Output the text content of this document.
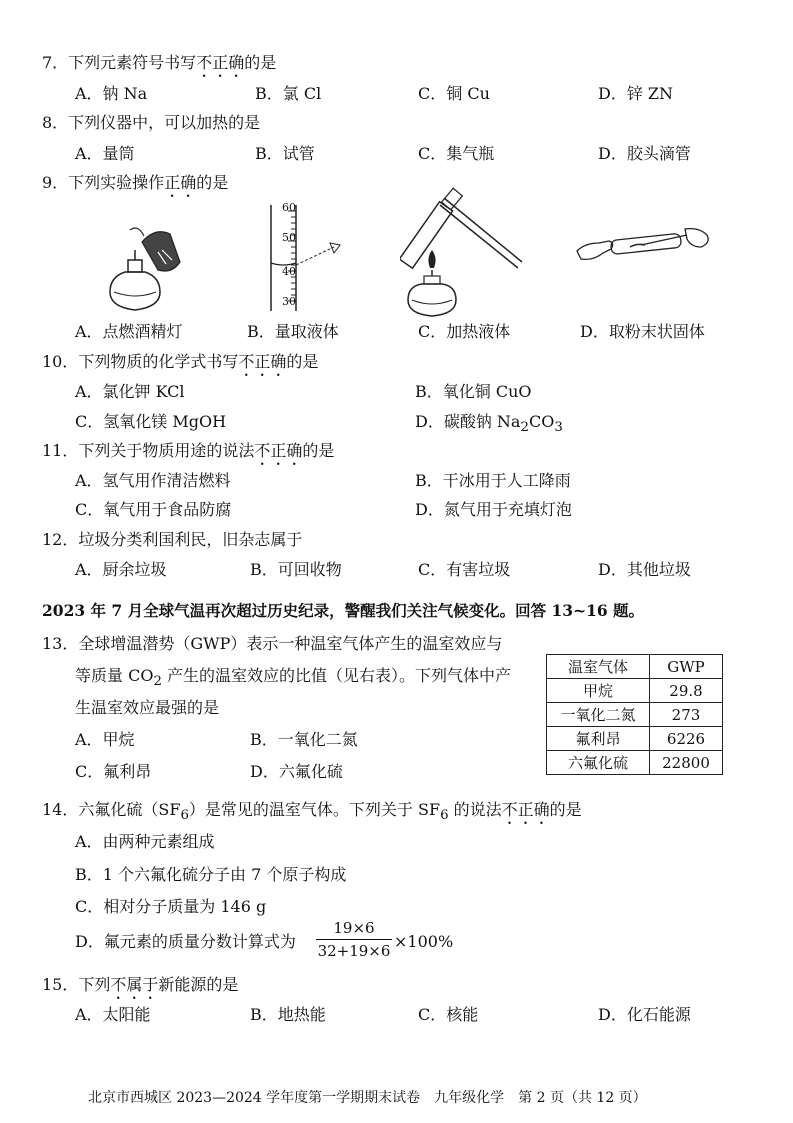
7．下列元素符号书写不正确的是
A．钠 Na	B．氯 Cl	C．铜 Cu	D．锌 ZN
8．下列仪器中，可以加热的是
A．量筒	B．试管	C．集气瓶	D．胶头滴管
9．下列实验操作正确的是
60
50
40
30
A．点燃酒精灯	B．量取液体	C．加热液体	D．取粉末状固体
10．下列物质的化学式书写不正确的是
A．氯化钾 KCl	B．氧化铜 CuO
C．氢氧化镁 MgOH	D．碳酸钠 $Na_2CO_3$
11．下列关于物质用途的说法不正确的是
A．氢气用作清洁燃料	B．干冰用于人工降雨
C．氧气用于食品防腐	D．氮气用于充填灯泡
12．垃圾分类利国利民，旧杂志属于
A．厨余垃圾	B．可回收物	C．有害垃圾	D．其他垃圾
2023 年 7 月全球气温再次超过历史纪录，警醒我们关注气候变化。回答 13~16 题。
13．全球增温潜势（GWP）表示一种温室气体产生的温室效应与
等质量 $CO_2$ 产生的温室效应的比值（见右表）。下列气体中产
生温室效应最强的是
A．甲烷	B．一氧化二氮
C．氟利昂	D．六氟化硫
温室气体	GWP
甲烷	29.8
一氧化二氮	273
氟利昂	6226
六氟化硫	22800
14．六氟化硫$(SF_6)$是常见的温室气体。下列关于 $SF_6$ 的说法不正确的是
A．由两种元素组成
B．1 个六氟化硫分子由 7 个原子构成
C．相对分子质量为 146 g
D．氟元素的质量分数计算式为
19×6
32+19×6 ×100%
15．下列不属于新能源的是
A．太阳能	B．地热能	C．核能	D．化石能源
北京市西城区 2023—2024 学年度第一学期期末试卷　九年级化学　第 2 页（共 12 页）
